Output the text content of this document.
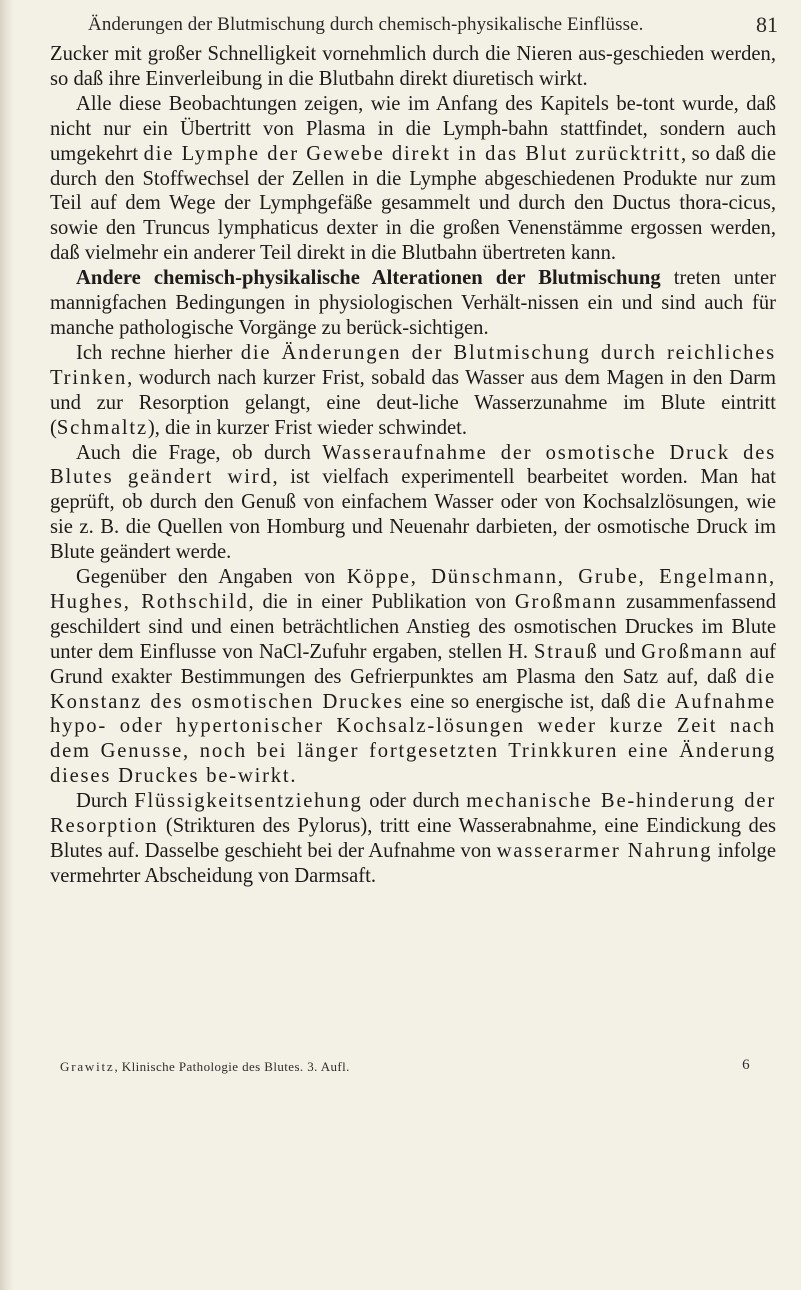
Änderungen der Blutmischung durch chemisch-physikalische Einflüsse.	81

Zucker mit großer Schnelligkeit vornehmlich durch die Nieren aus-geschieden werden, so daß ihre Einverleibung in die Blutbahn direkt diuretisch wirkt.

Alle diese Beobachtungen zeigen, wie im Anfang des Kapitels be-tont wurde, daß nicht nur ein Übertritt von Plasma in die Lymph-bahn stattfindet, sondern auch umgekehrt die Lymphe der Gewebe direkt in das Blut zurücktritt, so daß die durch den Stoffwechsel der Zellen in die Lymphe abgeschiedenen Produkte nur zum Teil auf dem Wege der Lymphgefäße gesammelt und durch den Ductus thora-cicus, sowie den Truncus lymphaticus dexter in die großen Venenstämme ergossen werden, daß vielmehr ein anderer Teil direkt in die Blutbahn übertreten kann.

Andere chemisch-physikalische Alterationen der Blutmischung treten unter mannigfachen Bedingungen in physiologischen Verhält-nissen ein und sind auch für manche pathologische Vorgänge zu berück-sichtigen.

Ich rechne hierher die Änderungen der Blutmischung durch reichliches Trinken, wodurch nach kurzer Frist, sobald das Wasser aus dem Magen in den Darm und zur Resorption gelangt, eine deut-liche Wasserzunahme im Blute eintritt (Schmaltz), die in kurzer Frist wieder schwindet.

Auch die Frage, ob durch Wasseraufnahme der osmotische Druck des Blutes geändert wird, ist vielfach experimentell bearbeitet worden. Man hat geprüft, ob durch den Genuß von einfachem Wasser oder von Kochsalzlösungen, wie sie z. B. die Quellen von Homburg und Neuenahr darbieten, der osmotische Druck im Blute geändert werde.

Gegenüber den Angaben von Köppe, Dünschmann, Grube, Engelmann, Hughes, Rothschild, die in einer Publikation von Großmann zusammenfassend geschildert sind und einen beträchtlichen Anstieg des osmotischen Druckes im Blute unter dem Einflusse von NaCl-Zufuhr ergaben, stellen H. Strauß und Großmann auf Grund exakter Bestimmungen des Gefrierpunktes am Plasma den Satz auf, daß die Konstanz des osmotischen Druckes eine so energische ist, daß die Aufnahme hypo- oder hypertonischer Kochsalz-lösungen weder kurze Zeit nach dem Genusse, noch bei länger fortgesetzten Trinkkuren eine Änderung dieses Druckes be-wirkt.

Durch Flüssigkeitsentziehung oder durch mechanische Be-hinderung der Resorption (Strikturen des Pylorus), tritt eine Wasserabnahme, eine Eindickung des Blutes auf. Dasselbe geschieht bei der Aufnahme von wasserarmer Nahrung infolge vermehrter Abscheidung von Darmsaft.

Grawitz, Klinische Pathologie des Blutes. 3. Aufl.	6
